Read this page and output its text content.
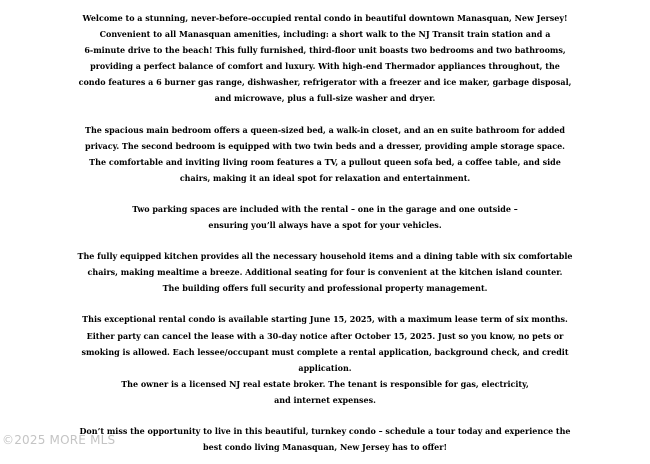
Welcome to a stunning, never-before-occupied rental condo in beautiful downtown Manasquan, New Jersey!
Convenient to all Manasquan amenities, including: a short walk to the NJ Transit train station and a
6-minute drive to the beach! This fully furnished, third-floor unit boasts two bedrooms and two bathrooms,
providing a perfect balance of comfort and luxury. With high-end Thermador appliances throughout, the
condo features a 6 burner gas range, dishwasher, refrigerator with a freezer and ice maker, garbage disposal,
and microwave, plus a full-size washer and dryer.

The spacious main bedroom offers a queen-sized bed, a walk-in closet, and an en suite bathroom for added
privacy. The second bedroom is equipped with two twin beds and a dresser, providing ample storage space.
The comfortable and inviting living room features a TV, a pullout queen sofa bed, a coffee table, and side
chairs, making it an ideal spot for relaxation and entertainment.

Two parking spaces are included with the rental – one in the garage and one outside –
ensuring you’ll always have a spot for your vehicles.

The fully equipped kitchen provides all the necessary household items and a dining table with six comfortable
chairs, making mealtime a breeze. Additional seating for four is convenient at the kitchen island counter.
The building offers full security and professional property management.

This exceptional rental condo is available starting June 15, 2025, with a maximum lease term of six months.
Either party can cancel the lease with a 30-day notice after October 15, 2025. Just so you know, no pets or
smoking is allowed. Each lessee/occupant must complete a rental application, background check, and credit
application.

The owner is a licensed NJ real estate broker. The tenant is responsible for gas, electricity,
and internet expenses.

Don’t miss the opportunity to live in this beautiful, turnkey condo – schedule a tour today and experience the
best condo living Manasquan, New Jersey has to offer!

©2025 MORE MLS
